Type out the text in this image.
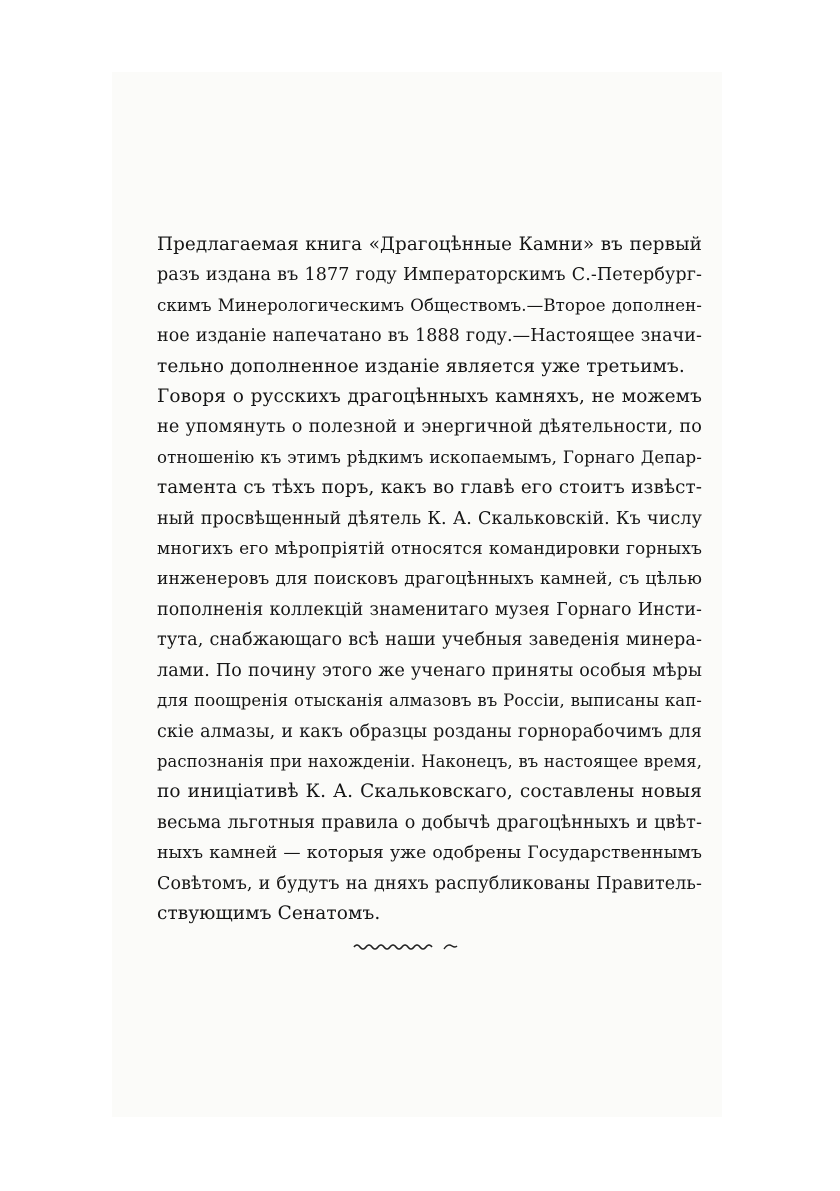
Предлагаемая книга «Драгоцѣнные Камни» въ первый
разъ издана въ 1877 году Императорскимъ С.-Петербург-
скимъ Минерологическимъ Обществомъ.—Второе дополнен-
ное изданіе напечатано въ 1888 году.—Настоящее значи-
тельно дополненное изданіе является уже третьимъ.

Говоря о русскихъ драгоцѣнныхъ камняхъ, не можемъ
не упомянуть о полезной и энергичной дѣятельности, по
отношенію къ этимъ рѣдкимъ ископаемымъ, Горнаго Депар-
тамента съ тѣхъ поръ, какъ во главѣ его стоитъ извѣст-
ный просвѣщенный дѣятель К. А. Скальковскій. Къ числу
многихъ его мѣропріятій относятся командировки горныхъ
инженеровъ для поисковъ драгоцѣнныхъ камней, съ цѣлью
пополненія коллекцій знаменитаго музея Горнаго Инсти-
тута, снабжающаго всѣ наши учебныя заведенія минера-
лами. По почину этого же ученаго приняты особыя мѣры
для поощренія отысканія алмазовъ въ Россіи, выписаны кап-
скіе алмазы, и какъ образцы розданы горнорабочимъ для
распознанія при нахожденіи. Наконецъ, въ настоящее время,
по иниціативѣ К. А. Скальковскаго, составлены новыя
весьма льготныя правила о добычѣ драгоцѣнныхъ и цвѣт-
ныхъ камней — которыя уже одобрены Государственнымъ
Совѣтомъ, и будутъ на дняхъ распубликованы Правитель-
ствующимъ Сенатомъ.
